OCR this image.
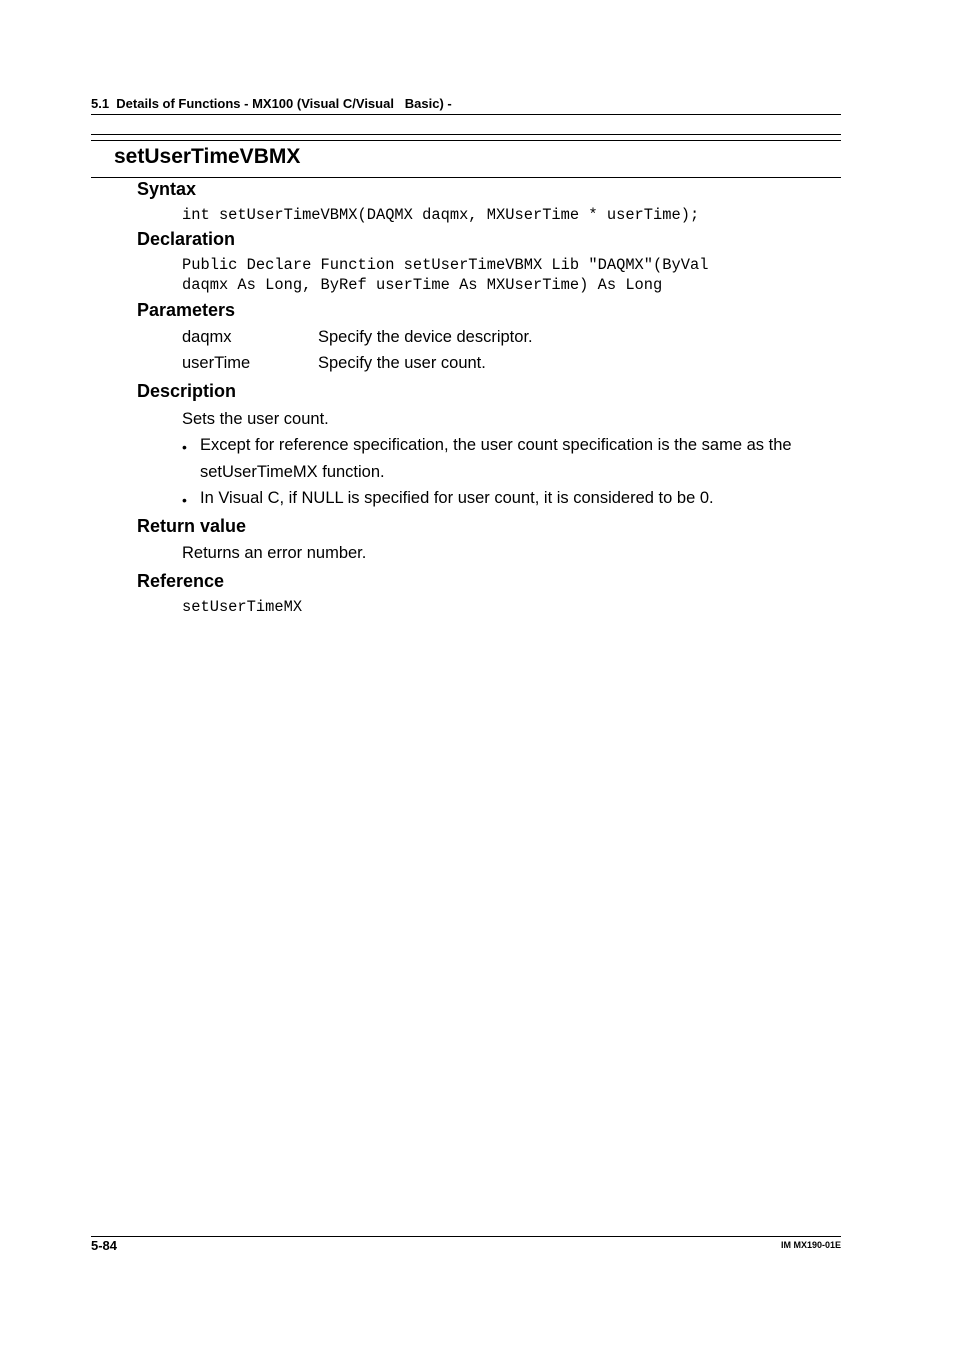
5.1  Details of Functions - MX100 (Visual C/Visual   Basic) -
setUserTimeVBMX
Syntax
int setUserTimeVBMX(DAQMX daqmx, MXUserTime * userTime);
Declaration
Public Declare Function setUserTimeVBMX Lib "DAQMX"(ByVal
daqmx As Long, ByRef userTime As MXUserTime) As Long
Parameters
daqmx	Specify the device descriptor.
userTime	Specify the user count.
Description
Sets the user count.
• Except for reference specification, the user count specification is the same as the setUserTimeMX function.
• In Visual C, if NULL is specified for user count, it is considered to be 0.
Return value
Returns an error number.
Reference
setUserTimeMX
5-84	IM MX190-01E
